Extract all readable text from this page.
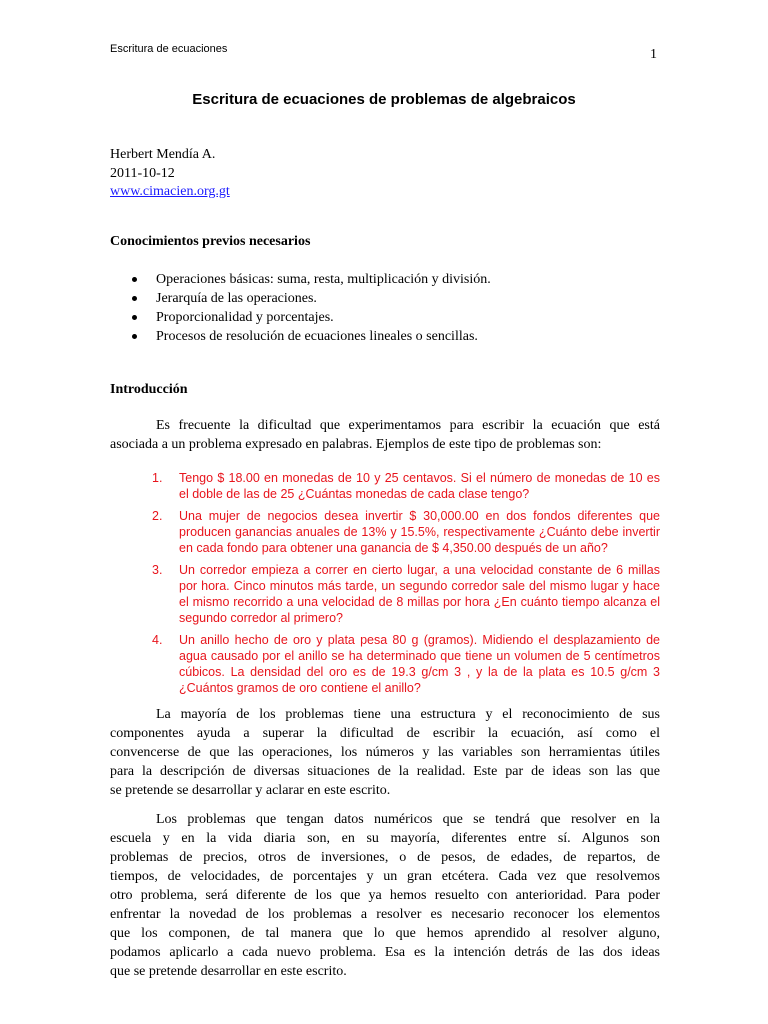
Escritura de ecuaciones	1
Escritura de ecuaciones de problemas de algebraicos
Herbert Mendía A.
2011-10-12
www.cimacien.org.gt
Conocimientos previos necesarios
Operaciones básicas: suma, resta, multiplicación y división.
Jerarquía de las operaciones.
Proporcionalidad y porcentajes.
Procesos de resolución de ecuaciones lineales o sencillas.
Introducción
Es frecuente la dificultad que experimentamos para escribir la ecuación que está
asociada a un problema expresado en palabras. Ejemplos de este tipo de problemas son:
1. Tengo $ 18.00 en monedas de 10 y 25 centavos. Si el número de monedas de 10 es
el doble de las de 25 ¿Cuántas monedas de cada clase tengo?
2. Una mujer de negocios desea invertir $ 30,000.00 en dos fondos diferentes que
producen ganancias anuales de 13% y 15.5%, respectivamente ¿Cuánto debe invertir
en cada fondo para obtener una ganancia de $ 4,350.00 después de un año?
3. Un corredor empieza a correr en cierto lugar, a una velocidad constante de 6 millas
por hora. Cinco minutos más tarde, un segundo corredor sale del mismo lugar y hace
el mismo recorrido a una velocidad de 8 millas por hora ¿En cuánto tiempo alcanza el
segundo corredor al primero?
4. Un anillo hecho de oro y plata pesa 80 g (gramos). Midiendo el desplazamiento de
agua causado por el anillo se ha determinado que tiene un volumen de 5 centímetros
cúbicos. La densidad del oro es de 19.3 g/cm 3 , y la de la plata es 10.5 g/cm 3
¿Cuántos gramos de oro contiene el anillo?
La mayoría de los problemas tiene una estructura y el reconocimiento de sus
componentes ayuda a superar la dificultad de escribir la ecuación, así como el
convencerse de que las operaciones, los números y las variables son herramientas útiles
para la descripción de diversas situaciones de la realidad. Este par de ideas son las que
se pretende se desarrollar y aclarar en este escrito.
Los problemas que tengan datos numéricos que se tendrá que resolver en la
escuela y en la vida diaria son, en su mayoría, diferentes entre sí. Algunos son
problemas de precios, otros de inversiones, o de pesos, de edades, de repartos, de
tiempos, de velocidades, de porcentajes y un gran etcétera. Cada vez que resolvemos
otro problema, será diferente de los que ya hemos resuelto con anterioridad. Para poder
enfrentar la novedad de los problemas a resolver es necesario reconocer los elementos
que los componen, de tal manera que lo que hemos aprendido al resolver alguno,
podamos aplicarlo a cada nuevo problema. Esa es la intención detrás de las dos ideas
que se pretende desarrollar en este escrito.
